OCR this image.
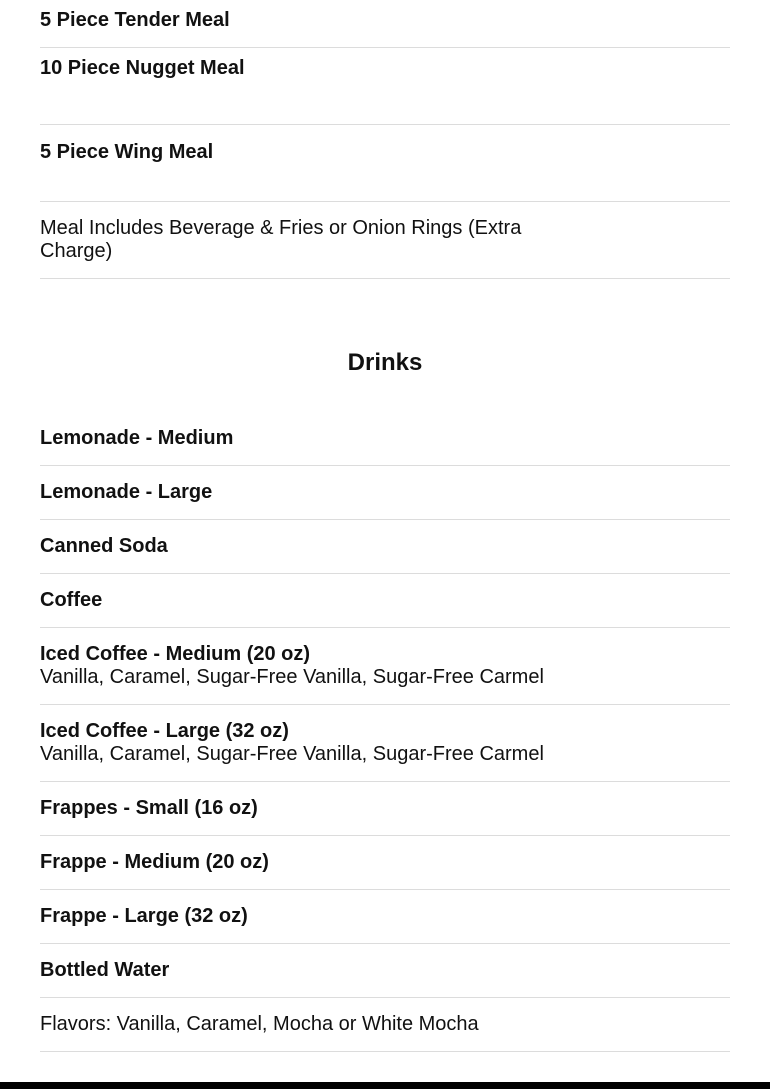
5 Piece Tender Meal
10 Piece Nugget Meal
5 Piece Wing Meal
Meal Includes Beverage & Fries or Onion Rings (Extra Charge)
Drinks
Lemonade - Medium
Lemonade - Large
Canned Soda
Coffee
Iced Coffee - Medium (20 oz)
Vanilla, Caramel, Sugar-Free Vanilla, Sugar-Free Carmel
Iced Coffee - Large (32 oz)
Vanilla, Caramel, Sugar-Free Vanilla, Sugar-Free Carmel
Frappes - Small (16 oz)
Frappe - Medium (20 oz)
Frappe - Large (32 oz)
Bottled Water
Flavors: Vanilla, Caramel, Mocha or White Mocha
